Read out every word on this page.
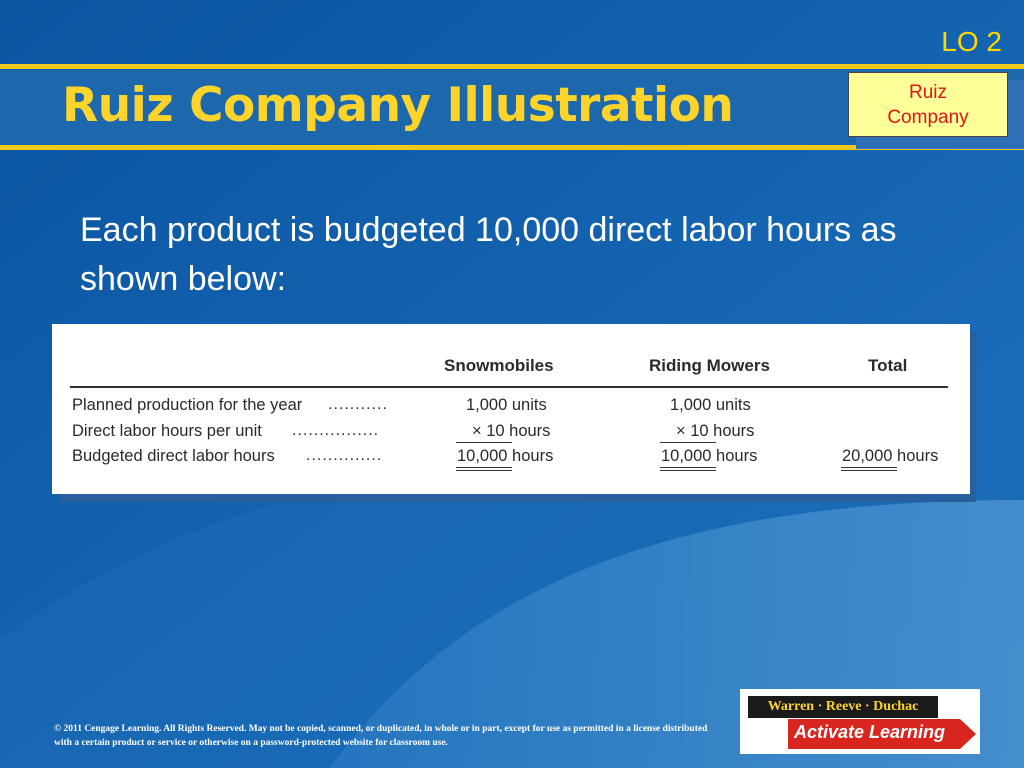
LO 2
Ruiz Company Illustration	Ruiz
Company
Each product is budgeted 10,000 direct labor hours as shown below:
Snowmobiles	Riding Mowers	Total
Planned production for the year ...........	1,000 units	1,000 units
Direct labor hours per unit ................	× 10 hours	× 10 hours
Budgeted direct labor hours ..............	10,000 hours	10,000 hours	20,000 hours
© 2011 Cengage Learning. All Rights Reserved. May not be copied, scanned, or duplicated, in whole or in part, except for use as permitted in a license distributed with a certain product or service or otherwise on a password-protected website for classroom use.
Warren · Reeve · Duchac
Activate Learning
